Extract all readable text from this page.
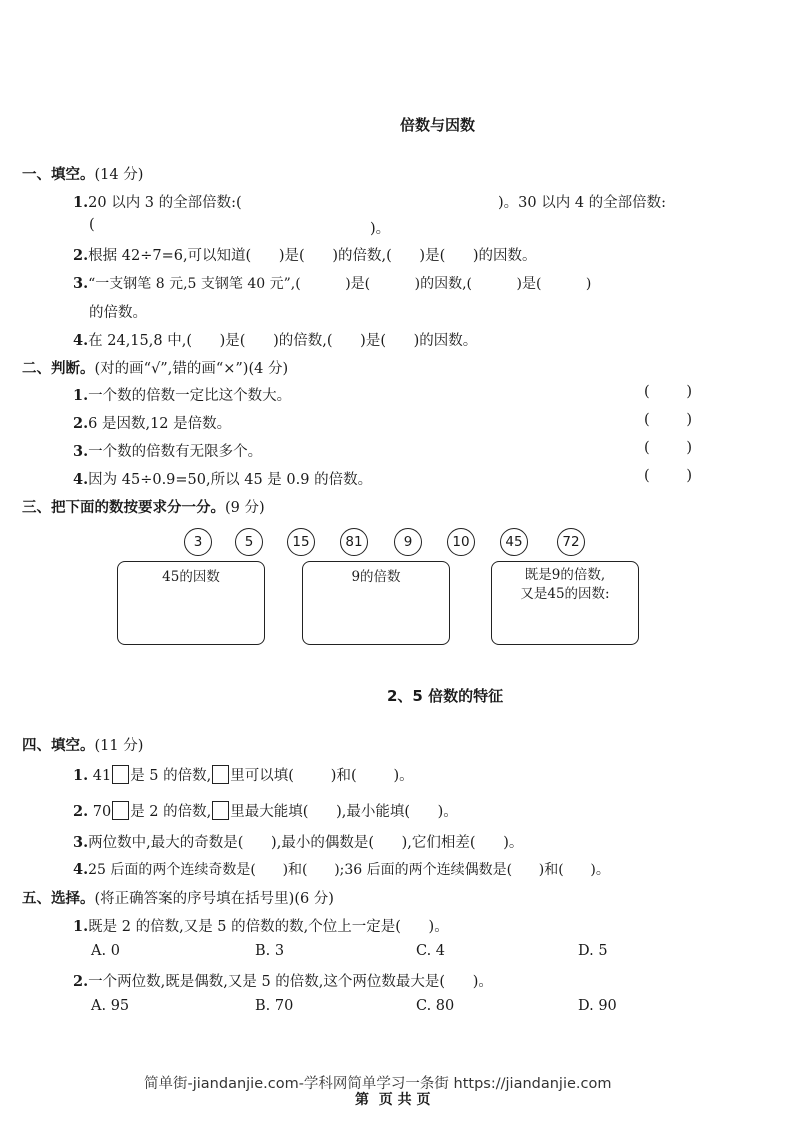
倍数与因数
一、填空。(14 分)
1.20 以内 3 的全部倍数:(	)。30 以内 4 的全部倍数:
(	)。
2.根据 42÷7=6,可以知道(      )是(      )的倍数,(      )是(      )的因数。
3.“一支钢笔 8 元,5 支钢笔 40 元”,(          )是(          )的因数,(          )是(          )
的倍数。
4.在 24,15,8 中,(      )是(      )的倍数,(      )是(      )的因数。
二、判断。(对的画“√”,错的画“×”)(4 分)
1.一个数的倍数一定比这个数大。	(	)
2.6 是因数,12 是倍数。	(	)
3.一个数的倍数有无限多个。	(	)
4.因为 45÷0.9=50,所以 45 是 0.9 的倍数。	(	)
三、把下面的数按要求分一分。(9 分)
3	5	15	81	9	10	45	72
45的因数	9的倍数	既是9的倍数,
又是45的因数:
2、5 倍数的特征
四、填空。(11 分)
1. 41 是 5 的倍数, 里可以填(        )和(        )。
2. 70 是 2 的倍数, 里最大能填(      ),最小能填(      )。
3.两位数中,最大的奇数是(      ),最小的偶数是(      ),它们相差(      )。
4.25 后面的两个连续奇数是(      )和(      );36 后面的两个连续偶数是(      )和(      )。
五、选择。(将正确答案的序号填在括号里)(6 分)
1.既是 2 的倍数,又是 5 的倍数的数,个位上一定是(      )。
A. 0	B. 3	C. 4	D. 5
2.一个两位数,既是偶数,又是 5 的倍数,这个两位数最大是(      )。
A. 95	B. 70	C. 80	D. 90
简单街-jiandanjie.com-学科网简单学习一条街 https://jiandanjie.com
第  页 共 页
